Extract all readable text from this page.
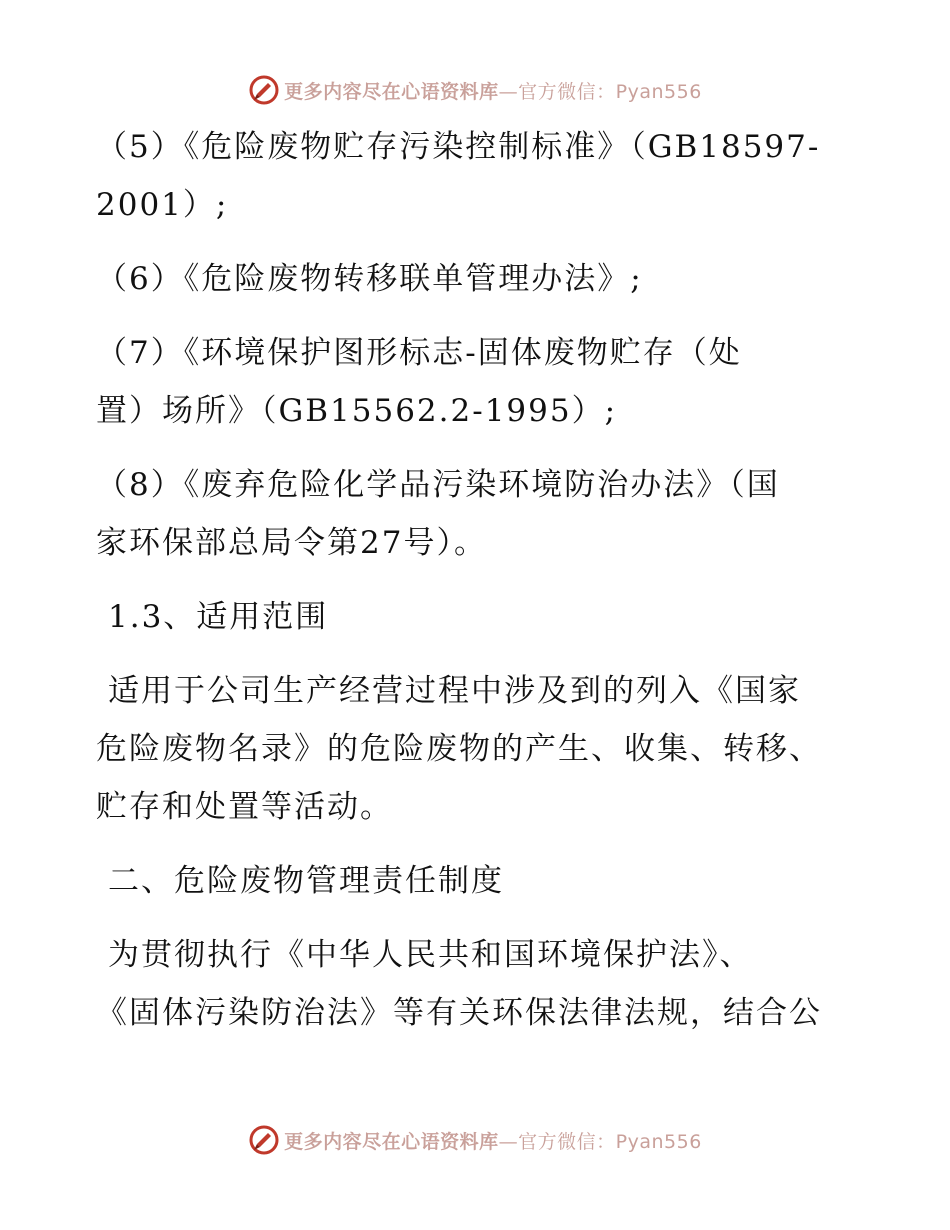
更多内容尽在心语资料库—官方微信：Pyan556
（5）《危险废物贮存污染控制标准》（GB18597-
2001）;
（6）《危险废物转移联单管理办法》;
（7）《环境保护图形标志-固体废物贮存（处
置）场所》（GB15562.2-1995）;
（8）《废弃危险化学品污染环境防治办法》（国
家环保部总局令第27号）。
1.3、适用范围
适用于公司生产经营过程中涉及到的列入《国家
危险废物名录》的危险废物的产生、收集、转移、
贮存和处置等活动。
二、危险废物管理责任制度
为贯彻执行《中华人民共和国环境保护法》、
《固体污染防治法》等有关环保法律法规，结合公
更多内容尽在心语资料库—官方微信：Pyan556
